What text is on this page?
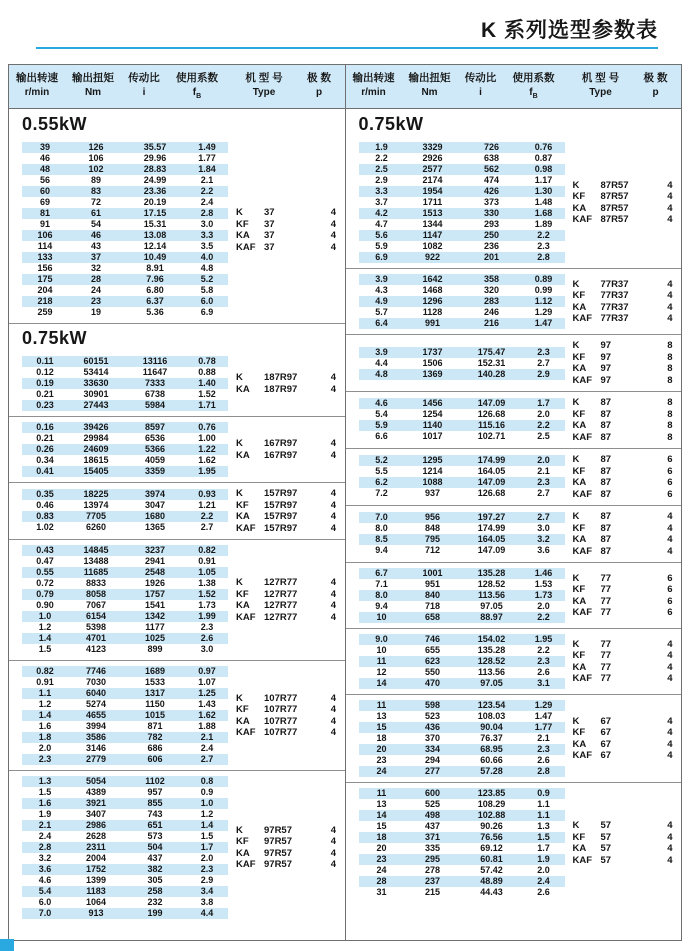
K 系列选型参数表
输出转速 输出扭矩 传动比 使用系数	机 型 号 极 数
r/min	Nm	i	$f_B$	Type	p
0.55kW
39	126	35.57	1.49
46	106	29.96	1.77
48	102	28.83	1.84
56	89	24.99	2.1
60	83	23.36	2.2
69	72	20.19	2.4
81	61	17.15	2.8
91	54	15.31	3.0
106	46	13.08	3.3
114	43	12.14	3.5
133	37	10.49	4.0
156	32	8.91	4.8
175	28	7.96	5.2
204	24	6.80	5.8
218	23	6.37	6.0
259	19	5.36	6.9
K	37	4
KF	37	4
KA	37	4
KAF 37	4
0.75kW
0.11	60151	13116	0.78
0.12	53414	11647	0.88
0.19	33630	7333	1.40
0.21	30901	6738	1.52
0.23	27443	5984	1.71
K	187R97	4
KA	187R97	4
0.16	39426	8597	0.76
0.21	29984	6536	1.00
0.26	24609	5366	1.22
0.34	18615	4059	1.62
0.41	15405	3359	1.95
K	167R97	4
KA	167R97	4
0.35	18225	3974	0.93
0.46	13974	3047	1.21
0.83	7705	1680	2.2
1.02	6260	1365	2.7
K	157R97	4
KF	157R97	4
KA	157R97	4
KAF 157R97	4
0.43	14845	3237	0.82
0.47	13488	2941	0.91
0.55	11685	2548	1.05
0.72	8833	1926	1.38
0.79	8058	1757	1.52
0.90	7067	1541	1.73
1.0	6154	1342	1.99
1.2	5398	1177	2.3
1.4	4701	1025	2.6
1.5	4123	899	3.0
K	127R77	4
KF	127R77	4
KA	127R77	4
KAF 127R77	4
0.82	7746	1689	0.97
0.91	7030	1533	1.07
1.1	6040	1317	1.25
1.2	5274	1150	1.43
1.4	4655	1015	1.62
1.6	3994	871	1.88
1.8	3586	782	2.1
2.0	3146	686	2.4
2.3	2779	606	2.7
K	107R77	4
KF	107R77	4
KA	107R77	4
KAF 107R77	4
1.3	5054	1102	0.8
1.5	4389	957	0.9
1.6	3921	855	1.0
1.9	3407	743	1.2
2.1	2986	651	1.4
2.4	2628	573	1.5
2.8	2311	504	1.7
3.2	2004	437	2.0
3.6	1752	382	2.3
4.6	1399	305	2.9
5.4	1183	258	3.4
6.0	1064	232	3.8
7.0	913	199	4.4
K	97R57	4
KF	97R57	4
KA	97R57	4
KAF 97R57	4
输出转速 输出扭矩 传动比 使用系数	机 型 号 极 数
r/min	Nm	i	$f_B$	Type	p
0.75kW
1.9	3329	726	0.76
2.2	2926	638	0.87
2.5	2577	562	0.98
2.9	2174	474	1.17
3.3	1954	426	1.30
3.7	1711	373	1.48
4.2	1513	330	1.68
4.7	1344	293	1.89
5.6	1147	250	2.2
5.9	1082	236	2.3
6.9	922	201	2.8
K	87R57	4
KF	87R57	4
KA	87R57	4
KAF 87R57	4
3.9	1642	358	0.89
4.3	1468	320	0.99
4.9	1296	283	1.12
5.7	1128	246	1.29
6.4	991	216	1.47
K	77R37	4
KF	77R37	4
KA	77R37	4
KAF 77R37	4
3.9	1737	175.47	2.3
4.4	1506	152.31	2.7
4.8	1369	140.28	2.9
K	97	8
KF	97	8
KA	97	8
KAF 97	8
4.6	1456	147.09	1.7
5.4	1254	126.68	2.0
5.9	1140	115.16	2.2
6.6	1017	102.71	2.5
K	87	8
KF	87	8
KA	87	8
KAF 87	8
5.2	1295	174.99	2.0
5.5	1214	164.05	2.1
6.2	1088	147.09	2.3
7.2	937	126.68	2.7
K	87	6
KF	87	6
KA	87	6
KAF 87	6
7.0	956	197.27	2.7
8.0	848	174.99	3.0
8.5	795	164.05	3.2
9.4	712	147.09	3.6
K	87	4
KF	87	4
KA	87	4
KAF 87	4
6.7	1001	135.28	1.46
7.1	951	128.52	1.53
8.0	840	113.56	1.73
9.4	718	97.05	2.0
10	658	88.97	2.2
K	77	6
KF	77	6
KA	77	6
KAF 77	6
9.0	746	154.02	1.95
10	655	135.28	2.2
11	623	128.52	2.3
12	550	113.56	2.6
14	470	97.05	3.1
K	77	4
KF	77	4
KA	77	4
KAF 77	4
11	598	123.54	1.29
13	523	108.03	1.47
15	436	90.04	1.77
18	370	76.37	2.1
20	334	68.95	2.3
23	294	60.66	2.6
24	277	57.28	2.8
K	67	4
KF	67	4
KA	67	4
KAF 67	4
11	600	123.85	0.9
13	525	108.29	1.1
14	498	102.88	1.1
15	437	90.26	1.3
18	371	76.56	1.5
20	335	69.12	1.7
23	295	60.81	1.9
24	278	57.42	2.0
28	237	48.89	2.4
31	215	44.43	2.6
K	57	4
KF	57	4
KA	57	4
KAF 57	4
